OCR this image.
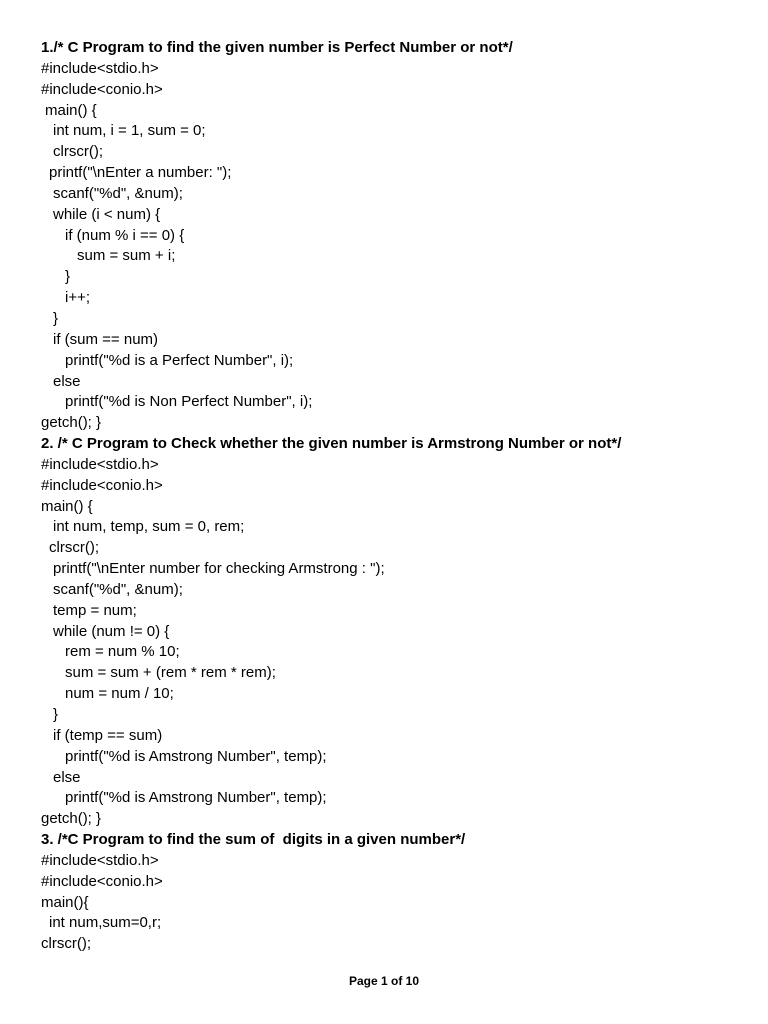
1./* C Program to find the given number is Perfect Number or not*/
#include<stdio.h>
#include<conio.h>
main() {
int num, i = 1, sum = 0;
clrscr();
printf("\nEnter a number: ");
scanf("%d", &num);
while (i < num) {
if (num % i == 0) {
sum = sum + i;
}
i++;
}
if (sum == num)
printf("%d is a Perfect Number", i);
else
printf("%d is Non Perfect Number", i);
getch(); }
2. /* C Program to Check whether the given number is Armstrong Number or not*/
#include<stdio.h>
#include<conio.h>
main() {
int num, temp, sum = 0, rem;
clrscr();
printf("\nEnter number for checking Armstrong : ");
scanf("%d", &num);
temp = num;
while (num != 0) {
rem = num % 10;
sum = sum + (rem * rem * rem);
num = num / 10;
}
if (temp == sum)
printf("%d is Amstrong Number", temp);
else
printf("%d is Amstrong Number", temp);
getch(); }
3. /*C Program to find the sum of  digits in a given number*/
#include<stdio.h>
#include<conio.h>
main(){
int num,sum=0,r;
clrscr();
Page 1 of 10
